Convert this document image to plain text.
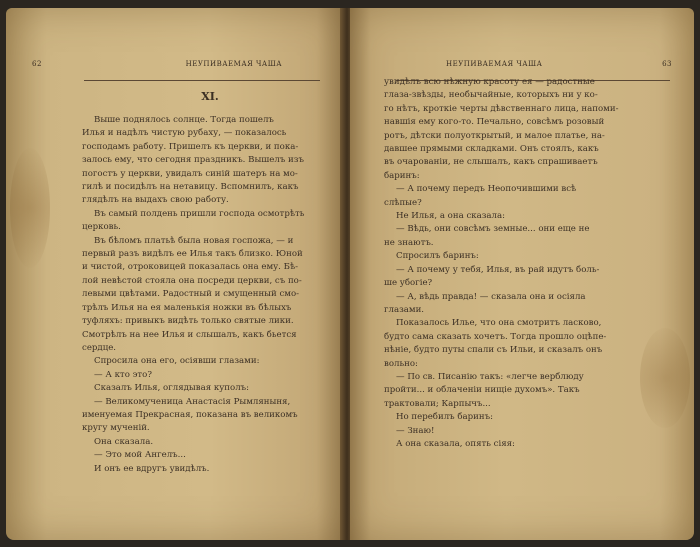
62	НЕУПИВАЕМАЯ ЧАША
XI.
Выше поднялось солнце. Тогда пошелъ
Илья и надѣлъ чистую рубаху, — показалось
господамъ работу. Пришелъ къ церкви, и пока-
залось ему, что сегодня праздникъ. Вышелъ изъ
погостъ у церкви, увидалъ синій шатеръ на мо-
гилѣ и посидѣлъ на нетавицу. Вспомнилъ, какъ
глядѣлъ на выдахъ свою работу.
Въ самый полдень пришли господа осмотрѣть
церковь.
Въ бѣломъ платьѣ была новая госпожа, — и
первый разъ видѣлъ ее Илья такъ близко. Юной
и чистой, отроковицей показалась она ему. Бѣ-
лой невѣстой стояла она посреди церкви, съ по-
левыми цвѣтами. Радостный и смущенный смо-
трѣлъ Илья на ея маленькія ножки въ бѣлыхъ
туфляхъ: привыкъ видѣть только святые лики.
Смотрѣлъ на нее Илья и слышалъ, какъ бьется
сердце.
Спросила она его, осіявши глазами:
— А кто это?
Сказалъ Илья, оглядывая куполъ:
— Великомученица Анастасія Рымляныня,
именуемая Прекрасная, показана въ великомъ
кругу мученій.
Она сказала.
— Это мой Ангелъ...
И онъ ее вдругъ увидѣлъ.
НЕУПИВАЕМАЯ ЧАША	63
увидѣлъ всю нѣжную красоту ея — радостные
глаза-звѣзды, необычайные, которыхъ ни у ко-
го нѣтъ, кроткіе черты дѣвственнаго лица, напоми-
навшія ему кого-то. Печально, совсѣмъ розовый
ротъ, дѣтски полуоткрытый, и малое платье, на-
давшее прямыми складками. Онъ стоялъ, какъ
въ очарованіи, не слышалъ, какъ спрашиваетъ
баринъ:
— А почему передъ Неопочившими всѣ
слѣпые?
Не Илья, а она сказала:
— Вѣдь, они совсѣмъ земные... они еще не
не знаютъ.
Спросилъ баринъ:
— А почему у тебя, Илья, въ рай идутъ боль-
ше убогіе?
— А, вѣдь правда! — сказала она и осіяла
глазами.
Показалось Илье, что она смотритъ ласково,
будто сама сказать хочетъ. Тогда прошло оцѣпе-
нѣніе, будто путы спали съ Ильи, и сказалъ онъ
вольно:
— По св. Писанію такъ: «легче верблюду
пройти... и облаченіи нищіе духомъ». Такъ
трактовали; Карпычъ...
Но перебилъ баринъ:
— Знаю!
А она сказала, опять сіяя:
